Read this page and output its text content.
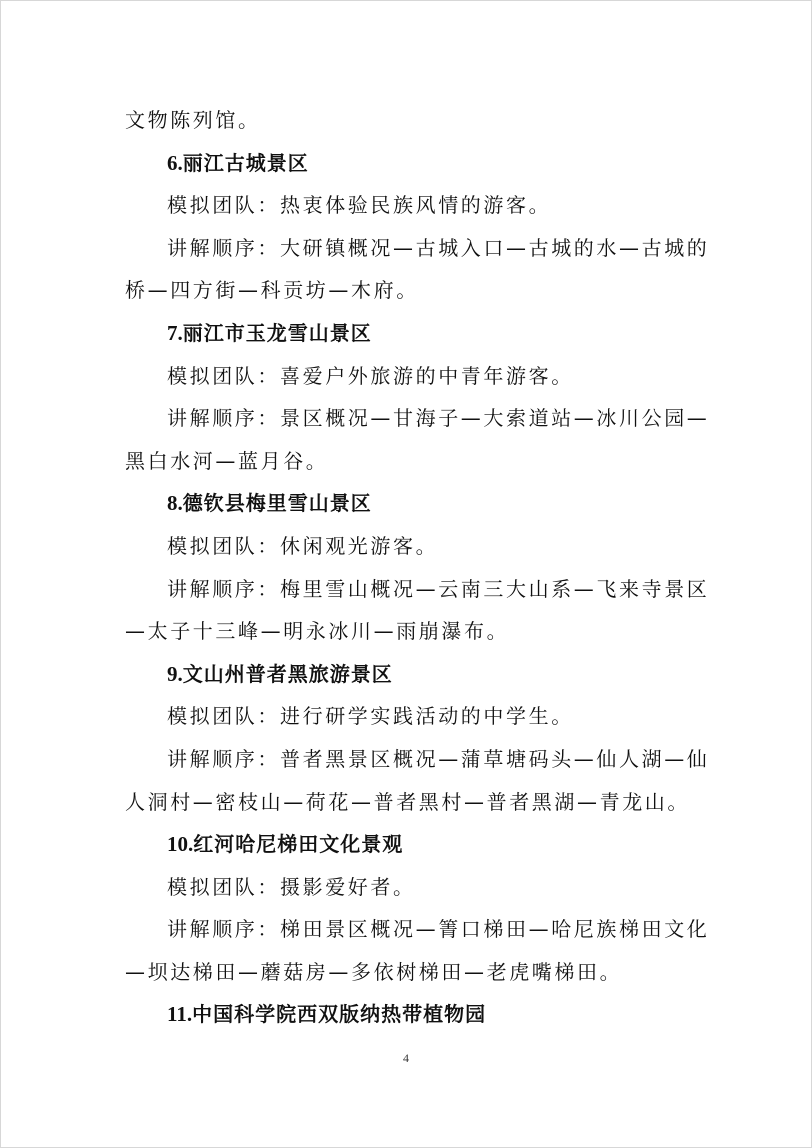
文物陈列馆。
6.丽江古城景区
模拟团队：热衷体验民族风情的游客。
讲解顺序：大研镇概况—古城入口—古城的水—古城的
桥—四方街—科贡坊—木府。
7.丽江市玉龙雪山景区
模拟团队：喜爱户外旅游的中青年游客。
讲解顺序：景区概况—甘海子—大索道站—冰川公园—
黑白水河—蓝月谷。
8.德钦县梅里雪山景区
模拟团队：休闲观光游客。
讲解顺序：梅里雪山概况—云南三大山系—飞来寺景区
—太子十三峰—明永冰川—雨崩瀑布。
9.文山州普者黑旅游景区
模拟团队：进行研学实践活动的中学生。
讲解顺序：普者黑景区概况—蒲草塘码头—仙人湖—仙
人洞村—密枝山—荷花—普者黑村—普者黑湖—青龙山。
10.红河哈尼梯田文化景观
模拟团队：摄影爱好者。
讲解顺序：梯田景区概况—箐口梯田—哈尼族梯田文化
—坝达梯田—蘑菇房—多依树梯田—老虎嘴梯田。
11.中国科学院西双版纳热带植物园
4
